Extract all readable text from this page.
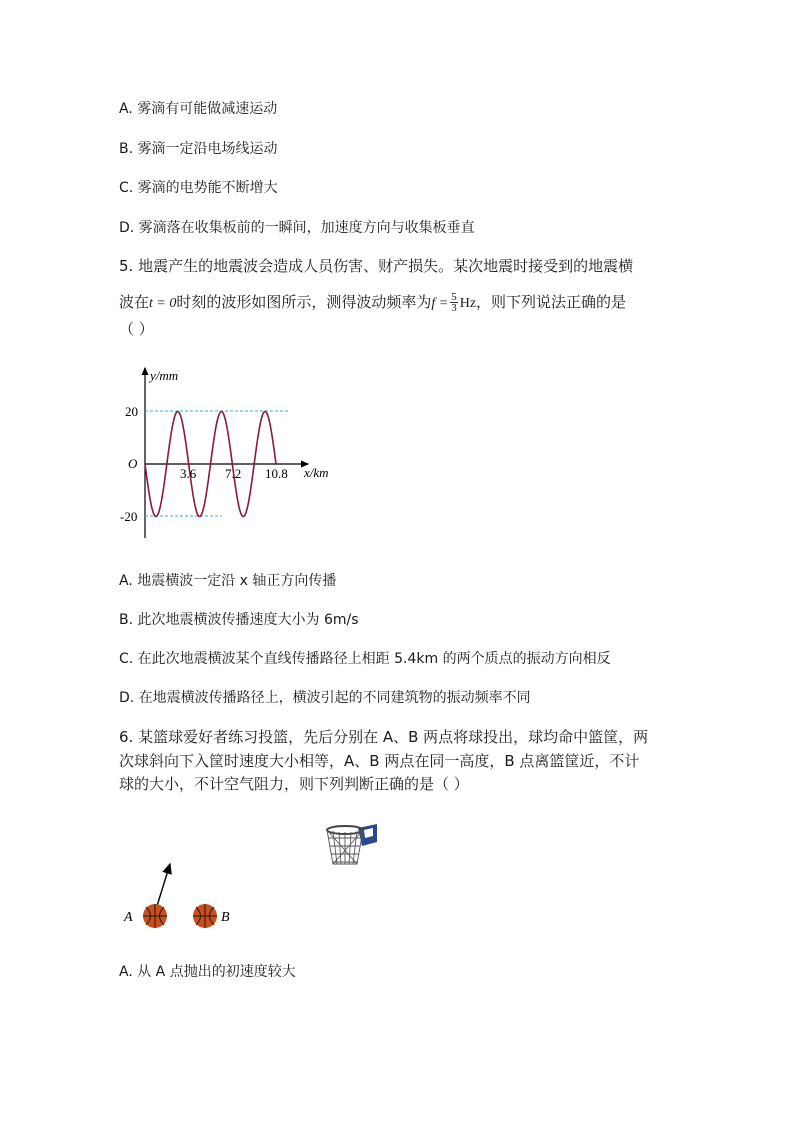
A. 雾滴有可能做减速运动
B. 雾滴一定沿电场线运动
C. 雾滴的电势能不断增大
D. 雾滴落在收集板前的一瞬间，加速度方向与收集板垂直
5. 地震产生的地震波会造成人员伤害、财产损失。某次地震时接受到的地震横
波在t = 0时刻的波形如图所示，测得波动频率为$f = \frac{5}{3}$ Hz，则下列说法正确的是
（ ）
y/mm
x/km
O
20
-20
3.6 7.2 10.8
A. 地震横波一定沿 x 轴正方向传播
B. 此次地震横波传播速度大小为 6m/s
C. 在此次地震横波某个直线传播路径上相距 5.4km 的两个质点的振动方向相反
D. 在地震横波传播路径上，横波引起的不同建筑物的振动频率不同
6. 某篮球爱好者练习投篮，先后分别在 A、B 两点将球投出，球均命中篮筐，两
次球斜向下入筐时速度大小相等，A、B 两点在同一高度，B 点离篮筐近，不计
球的大小，不计空气阻力，则下列判断正确的是（ ）
A	B
A. 从 A 点抛出的初速度较大
